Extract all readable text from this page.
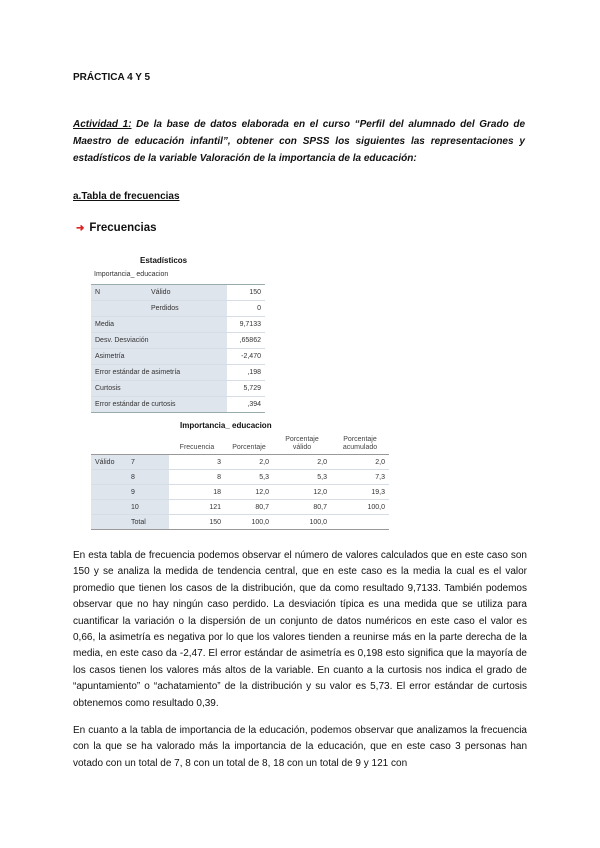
PRÁCTICA 4 Y 5
Actividad 1: De la base de datos elaborada en el curso “Perfil del alumnado del Grado de Maestro de educación infantil”, obtener con SPSS los siguientes las representaciones y estadísticos de la variable Valoración de la importancia de la educación:
a.Tabla de frecuencias
➜ Frecuencias
Estadísticos
Importancia_ educacion
N	Válido	150
	Perdidos	0
Media		9,7133
Desv. Desviación		,65862
Asimetría		-2,470
Error estándar de asimetría		,198
Curtosis		5,729
Error estándar de curtosis		,394
Importancia_ educacion
		Frecuencia	Porcentaje	Porcentaje válido	Porcentaje acumulado
Válido	7	3	2,0	2,0	2,0
	8	8	5,3	5,3	7,3
	9	18	12,0	12,0	19,3
	10	121	80,7	80,7	100,0
	Total	150	100,0	100,0	
En esta tabla de frecuencia podemos observar el número de valores calculados que en este caso son 150 y se analiza la medida de tendencia central, que en este caso es la media la cual es el valor promedio que tienen los casos de la distribución, que da como resultado 9,7133. También podemos observar que no hay ningún caso perdido. La desviación típica es una medida que se utiliza para cuantificar la variación o la dispersión de un conjunto de datos numéricos en este caso el valor es 0,66, la asimetría es negativa por lo que los valores tienden a reunirse más en la parte derecha de la media, en este caso da -2,47. El error estándar de asimetría es 0,198 esto significa que la mayoría de los casos tienen los valores más altos de la variable. En cuanto a la curtosis nos indica el grado de “apuntamiento” o “achatamiento” de la distribución y su valor es 5,73. El error estándar de curtosis obtenemos como resultado 0,39.
En cuanto a la tabla de importancia de la educación, podemos observar que analizamos la frecuencia con la que se ha valorado más la importancia de la educación, que en este caso 3 personas han votado con un total de 7, 8 con un total de 8, 18 con un total de 9 y 121 con
